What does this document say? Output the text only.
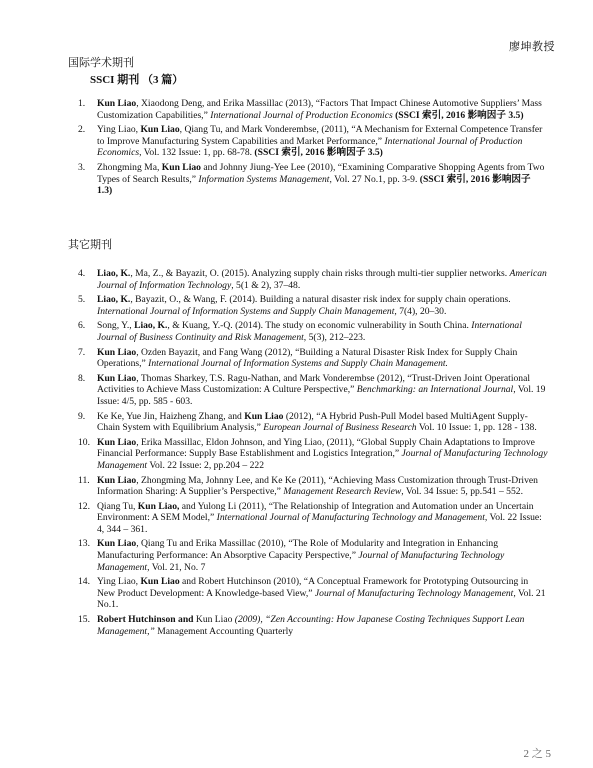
廖坤教授
国际学术期刊
SSCI 期刊 （3 篇）
1. Kun Liao, Xiaodong Deng, and Erika Massillac (2013), “Factors That Impact Chinese Automotive Suppliers’ Mass Customization Capabilities,” International Journal of Production Economics (SSCI 索引, 2016 影响因子 3.5)
2. Ying Liao, Kun Liao, Qiang Tu, and Mark Vonderembse, (2011), “A Mechanism for External Competence Transfer to Improve Manufacturing System Capabilities and Market Performance,” International Journal of Production Economics, Vol. 132 Issue: 1, pp. 68-78. (SSCI 索引, 2016 影响因子 3.5)
3. Zhongming Ma, Kun Liao and Johnny Jiung-Yee Lee (2010), “Examining Comparative Shopping Agents from Two Types of Search Results,” Information Systems Management, Vol. 27 No.1, pp. 3-9. (SSCI 索引, 2016 影响因子 1.3)
其它期刊
4. Liao, K., Ma, Z., & Bayazit, O. (2015). Analyzing supply chain risks through multi-tier supplier networks. American Journal of Information Technology, 5(1 & 2), 37–48.
5. Liao, K., Bayazit, O., & Wang, F. (2014). Building a natural disaster risk index for supply chain operations. International Journal of Information Systems and Supply Chain Management, 7(4), 20–30.
6. Song, Y., Liao, K., & Kuang, Y.-Q. (2014). The study on economic vulnerability in South China. International Journal of Business Continuity and Risk Management, 5(3), 212–223.
7. Kun Liao, Ozden Bayazit, and Fang Wang (2012), “Building a Natural Disaster Risk Index for Supply Chain Operations,” International Journal of Information Systems and Supply Chain Management.
8. Kun Liao, Thomas Sharkey, T.S. Ragu-Nathan, and Mark Vonderembse (2012), “Trust-Driven Joint Operational Activities to Achieve Mass Customization: A Culture Perspective,” Benchmarking: an International Journal, Vol. 19 Issue: 4/5, pp. 585 - 603.
9. Ke Ke, Yue Jin, Haizheng Zhang, and Kun Liao (2012), “A Hybrid Push-Pull Model based MultiAgent Supply-Chain System with Equilibrium Analysis,” European Journal of Business Research Vol. 10 Issue: 1, pp. 128 - 138.
10. Kun Liao, Erika Massillac, Eldon Johnson, and Ying Liao, (2011), “Global Supply Chain Adaptations to Improve Financial Performance: Supply Base Establishment and Logistics Integration,” Journal of Manufacturing Technology Management Vol. 22 Issue: 2, pp.204 – 222
11. Kun Liao, Zhongming Ma, Johnny Lee, and Ke Ke (2011), “Achieving Mass Customization through Trust-Driven Information Sharing: A Supplier’s Perspective,” Management Research Review, Vol. 34 Issue: 5, pp.541 – 552.
12. Qiang Tu, Kun Liao, and Yulong Li (2011), “The Relationship of Integration and Automation under an Uncertain Environment: A SEM Model,” International Journal of Manufacturing Technology and Management, Vol. 22 Issue: 4, 344 – 361.
13. Kun Liao, Qiang Tu and Erika Massillac (2010), “The Role of Modularity and Integration in Enhancing Manufacturing Performance: An Absorptive Capacity Perspective,” Journal of Manufacturing Technology Management, Vol. 21, No. 7
14. Ying Liao, Kun Liao and Robert Hutchinson (2010), “A Conceptual Framework for Prototyping Outsourcing in New Product Development: A Knowledge-based View,” Journal of Manufacturing Technology Management, Vol. 21 No.1.
15. Robert Hutchinson and Kun Liao (2009), “Zen Accounting: How Japanese Costing Techniques Support Lean Management,” Management Accounting Quarterly
2 之 5
